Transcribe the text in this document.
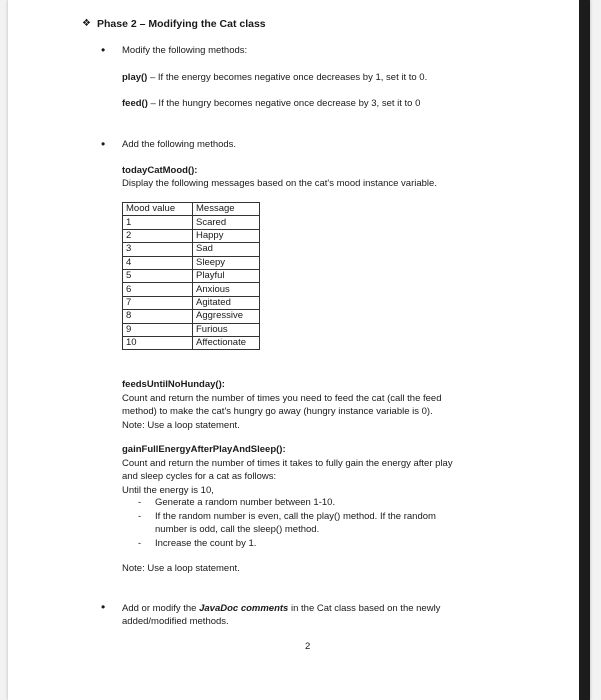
❖ Phase 2 – Modifying the Cat class
• Modify the following methods:
play() – If the energy becomes negative once decreases by 1, set it to 0.
feed() – If the hungry becomes negative once decrease by 3, set it to 0
• Add the following methods.
todayCatMood():
Display the following messages based on the cat's mood instance variable.
Mood value	Message
1	Scared
2	Happy
3	Sad
4	Sleepy
5	Playful
6	Anxious
7	Agitated
8	Aggressive
9	Furious
10	Affectionate
feedsUntilNoHunday():
Count and return the number of times you need to feed the cat (call the feed
method) to make the cat's hungry go away (hungry instance variable is 0).
Note: Use a loop statement.
gainFullEnergyAfterPlayAndSleep():
Count and return the number of times it takes to fully gain the energy after play
and sleep cycles for a cat as follows:
Until the energy is 10,
- Generate a random number between 1-10.
- If the random number is even, call the play() method. If the random
number is odd, call the sleep() method.
- Increase the count by 1.
Note: Use a loop statement.
• Add or modify the JavaDoc comments in the Cat class based on the newly
added/modified methods.
2
